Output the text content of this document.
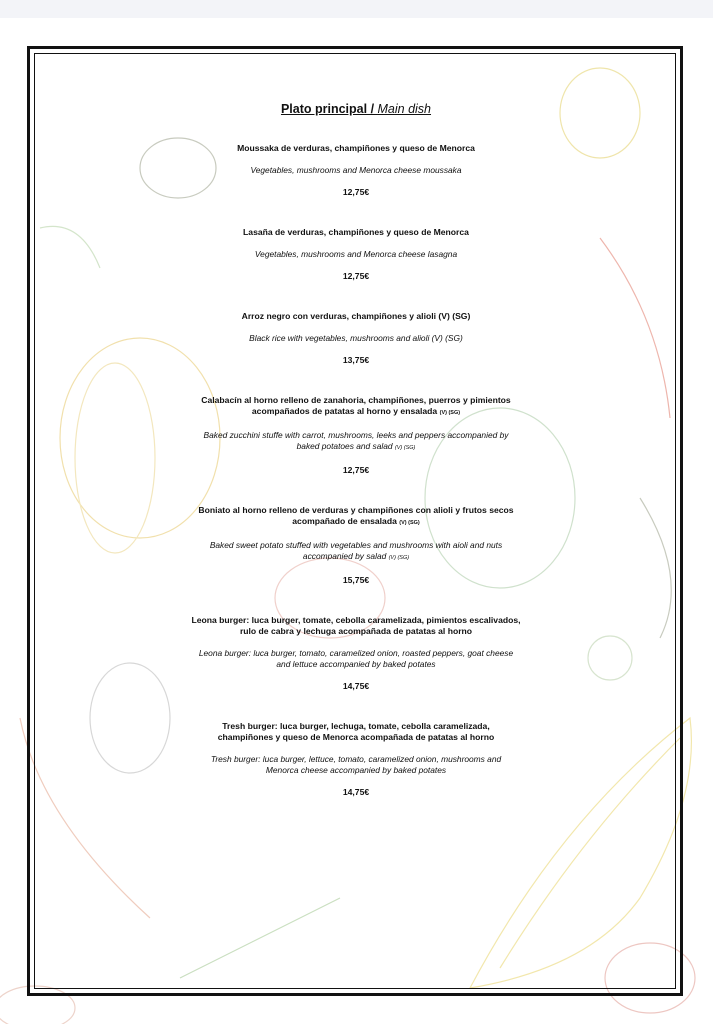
Plato principal / Main dish
Moussaka de verduras, champiñones y queso de Menorca
Vegetables, mushrooms and Menorca cheese moussaka
12,75€
Lasaña de verduras, champiñones y queso de Menorca
Vegetables, mushrooms and Menorca cheese lasagna
12,75€
Arroz negro con verduras, champiñones y alioli (V) (SG)
Black rice with vegetables, mushrooms and alioli (V) (SG)
13,75€
Calabacín al horno relleno de zanahoria, champiñones, puerros y pimientos
acompañados de patatas al horno y ensalada (V) (SG)
Baked zucchini stuffe with carrot, mushrooms, leeks and peppers accompanied by
baked potatoes and salad (V) (SG)
12,75€
Boniato al horno relleno de verduras y champiñones con alioli y frutos secos
acompañado de ensalada (V) (SG)
Baked sweet potato stuffed with vegetables and mushrooms with aioli and nuts
accompanied by salad (V) (SG)
15,75€
Leona burger: luca burger, tomate, cebolla caramelizada, pimientos escalivados,
rulo de cabra y lechuga acompañada de patatas al horno
Leona burger: luca burger, tomato, caramelized onion, roasted peppers, goat cheese
and lettuce accompanied by baked potates
14,75€
Tresh burger: luca burger, lechuga, tomate, cebolla caramelizada,
champiñones y queso de Menorca acompañada de patatas al horno
Tresh burger: luca burger, lettuce, tomato, caramelized onion, mushrooms and
Menorca cheese accompanied by baked potates
14,75€
